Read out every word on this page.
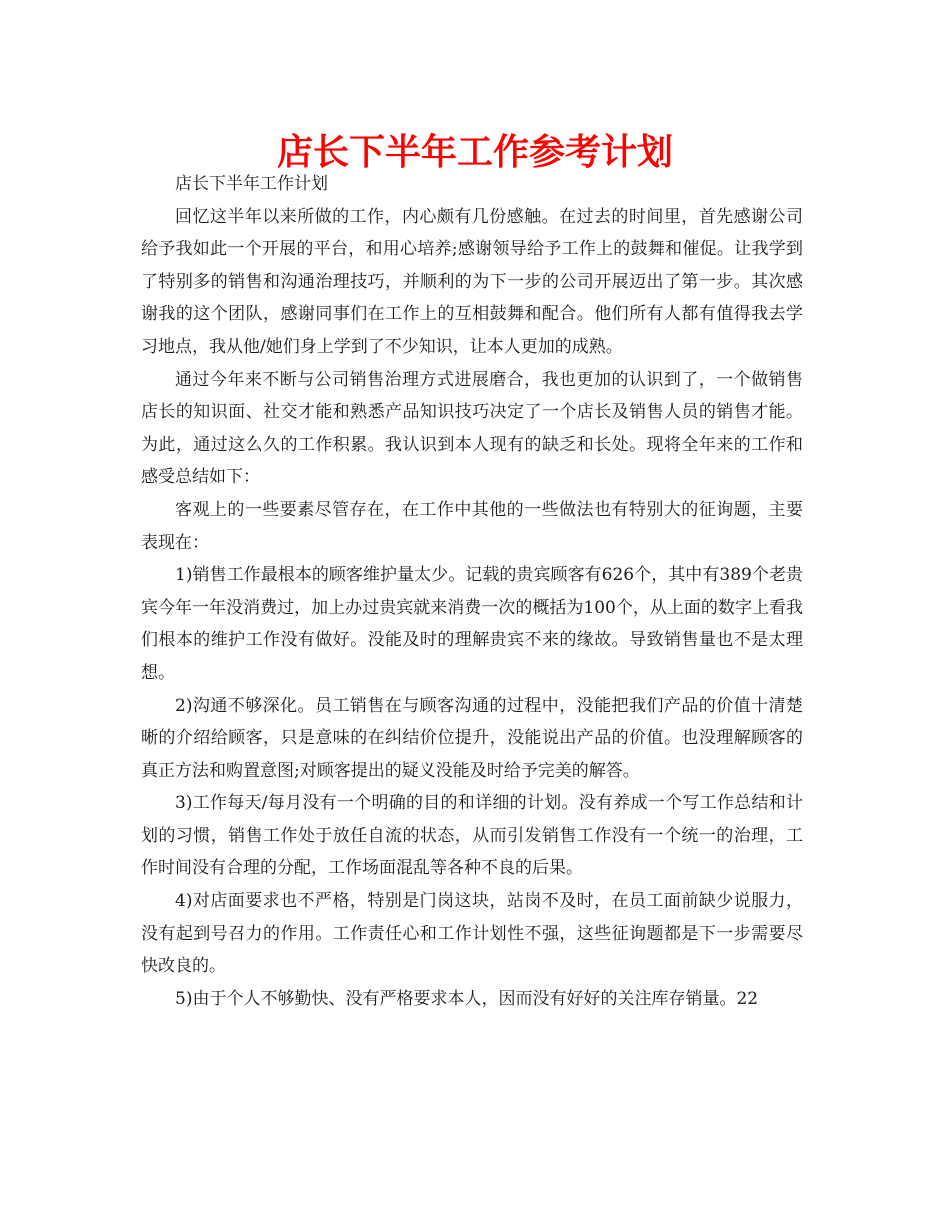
店长下半年工作参考计划

店长下半年工作计划

回忆这半年以来所做的工作，内心颇有几份感触。在过去的时间里，首先感谢公司给予我如此一个开展的平台，和用心培养;感谢领导给予工作上的鼓舞和催促。让我学到了特别多的销售和沟通治理技巧，并顺利的为下一步的公司开展迈出了第一步。其次感谢我的这个团队，感谢同事们在工作上的互相鼓舞和配合。他们所有人都有值得我去学习地点，我从他/她们身上学到了不少知识，让本人更加的成熟。

通过今年来不断与公司销售治理方式进展磨合，我也更加的认识到了，一个做销售店长的知识面、社交才能和熟悉产品知识技巧决定了一个店长及销售人员的销售才能。为此，通过这么久的工作积累。我认识到本人现有的缺乏和长处。现将全年来的工作和感受总结如下：

客观上的一些要素尽管存在，在工作中其他的一些做法也有特别大的征询题，主要表现在：

1)销售工作最根本的顾客维护量太少。记载的贵宾顾客有626个，其中有389个老贵宾今年一年没消费过，加上办过贵宾就来消费一次的概括为100个，从上面的数字上看我们根本的维护工作没有做好。没能及时的理解贵宾不来的缘故。导致销售量也不是太理想。

2)沟通不够深化。员工销售在与顾客沟通的过程中，没能把我们产品的价值十清楚晰的介绍给顾客，只是意味的在纠结价位提升，没能说出产品的价值。也没理解顾客的真正方法和购置意图;对顾客提出的疑义没能及时给予完美的解答。

3)工作每天/每月没有一个明确的目的和详细的计划。没有养成一个写工作总结和计划的习惯，销售工作处于放任自流的状态，从而引发销售工作没有一个统一的治理，工作时间没有合理的分配，工作场面混乱等各种不良的后果。

4)对店面要求也不严格，特别是门岗这块，站岗不及时，在员工面前缺少说服力，没有起到号召力的作用。工作责任心和工作计划性不强，这些征询题都是下一步需要尽快改良的。

5)由于个人不够勤快、没有严格要求本人，因而没有好好的关注库存销量。22
